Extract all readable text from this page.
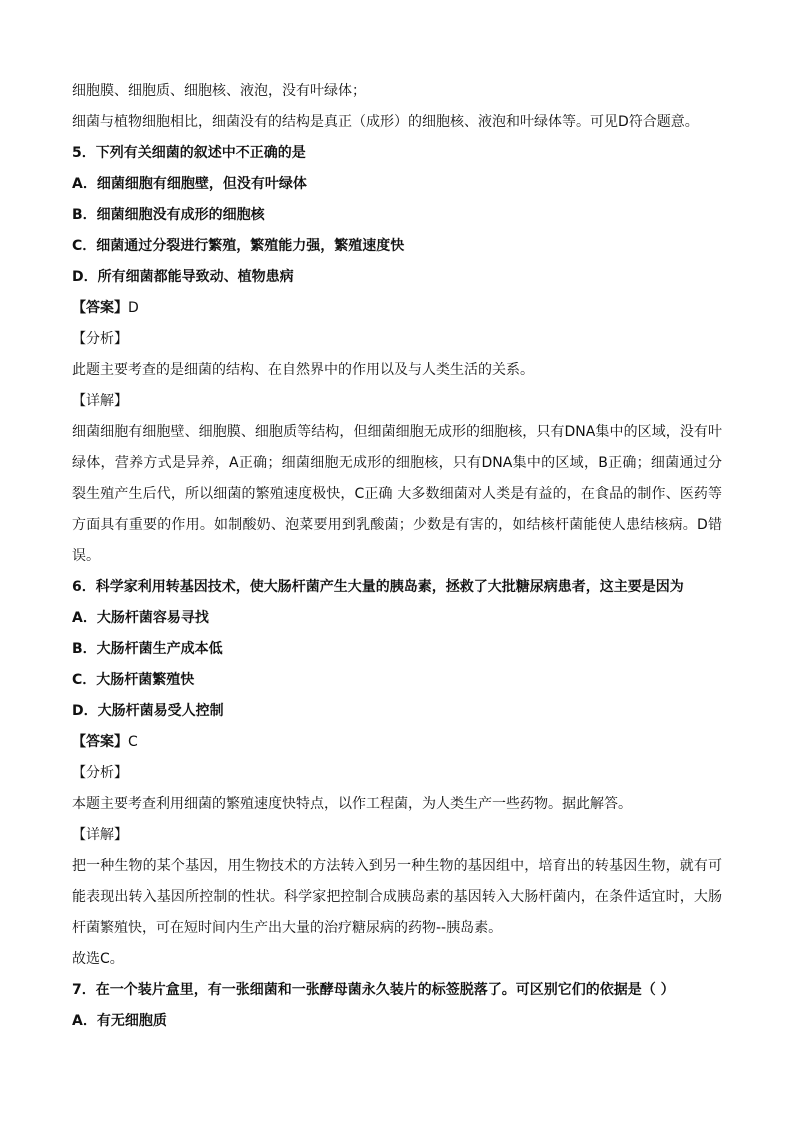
细胞膜、细胞质、细胞核、液泡，没有叶绿体；
细菌与植物细胞相比，细菌没有的结构是真正（成形）的细胞核、液泡和叶绿体等。可见D符合题意。
5．下列有关细菌的叙述中不正确的是
A．细菌细胞有细胞壁，但没有叶绿体
B．细菌细胞没有成形的细胞核
C．细菌通过分裂进行繁殖，繁殖能力强，繁殖速度快
D．所有细菌都能导致动、植物患病
【答案】D
【分析】
此题主要考查的是细菌的结构、在自然界中的作用以及与人类生活的关系。
【详解】
细菌细胞有细胞壁、细胞膜、细胞质等结构，但细菌细胞无成形的细胞核，只有DNA集中的区域，没有叶绿体，营养方式是异养，A正确；细菌细胞无成形的细胞核，只有DNA集中的区域，B正确；细菌通过分裂生殖产生后代，所以细菌的繁殖速度极快，C正确 大多数细菌对人类是有益的，在食品的制作、医药等方面具有重要的作用。如制酸奶、泡菜要用到乳酸菌；少数是有害的，如结核杆菌能使人患结核病。D错误。
6．科学家利用转基因技术，使大肠杆菌产生大量的胰岛素，拯救了大批糖尿病患者，这主要是因为
A．大肠杆菌容易寻找
B．大肠杆菌生产成本低
C．大肠杆菌繁殖快
D．大肠杆菌易受人控制
【答案】C
【分析】
本题主要考查利用细菌的繁殖速度快特点，以作工程菌，为人类生产一些药物。据此解答。
【详解】
把一种生物的某个基因，用生物技术的方法转入到另一种生物的基因组中，培育出的转基因生物，就有可能表现出转入基因所控制的性状。科学家把控制合成胰岛素的基因转入大肠杆菌内，在条件适宜时，大肠杆菌繁殖快，可在短时间内生产出大量的治疗糖尿病的药物--胰岛素。
故选C。
7．在一个装片盒里，有一张细菌和一张酵母菌永久装片的标签脱落了。可区别它们的依据是（ ）
A．有无细胞质
